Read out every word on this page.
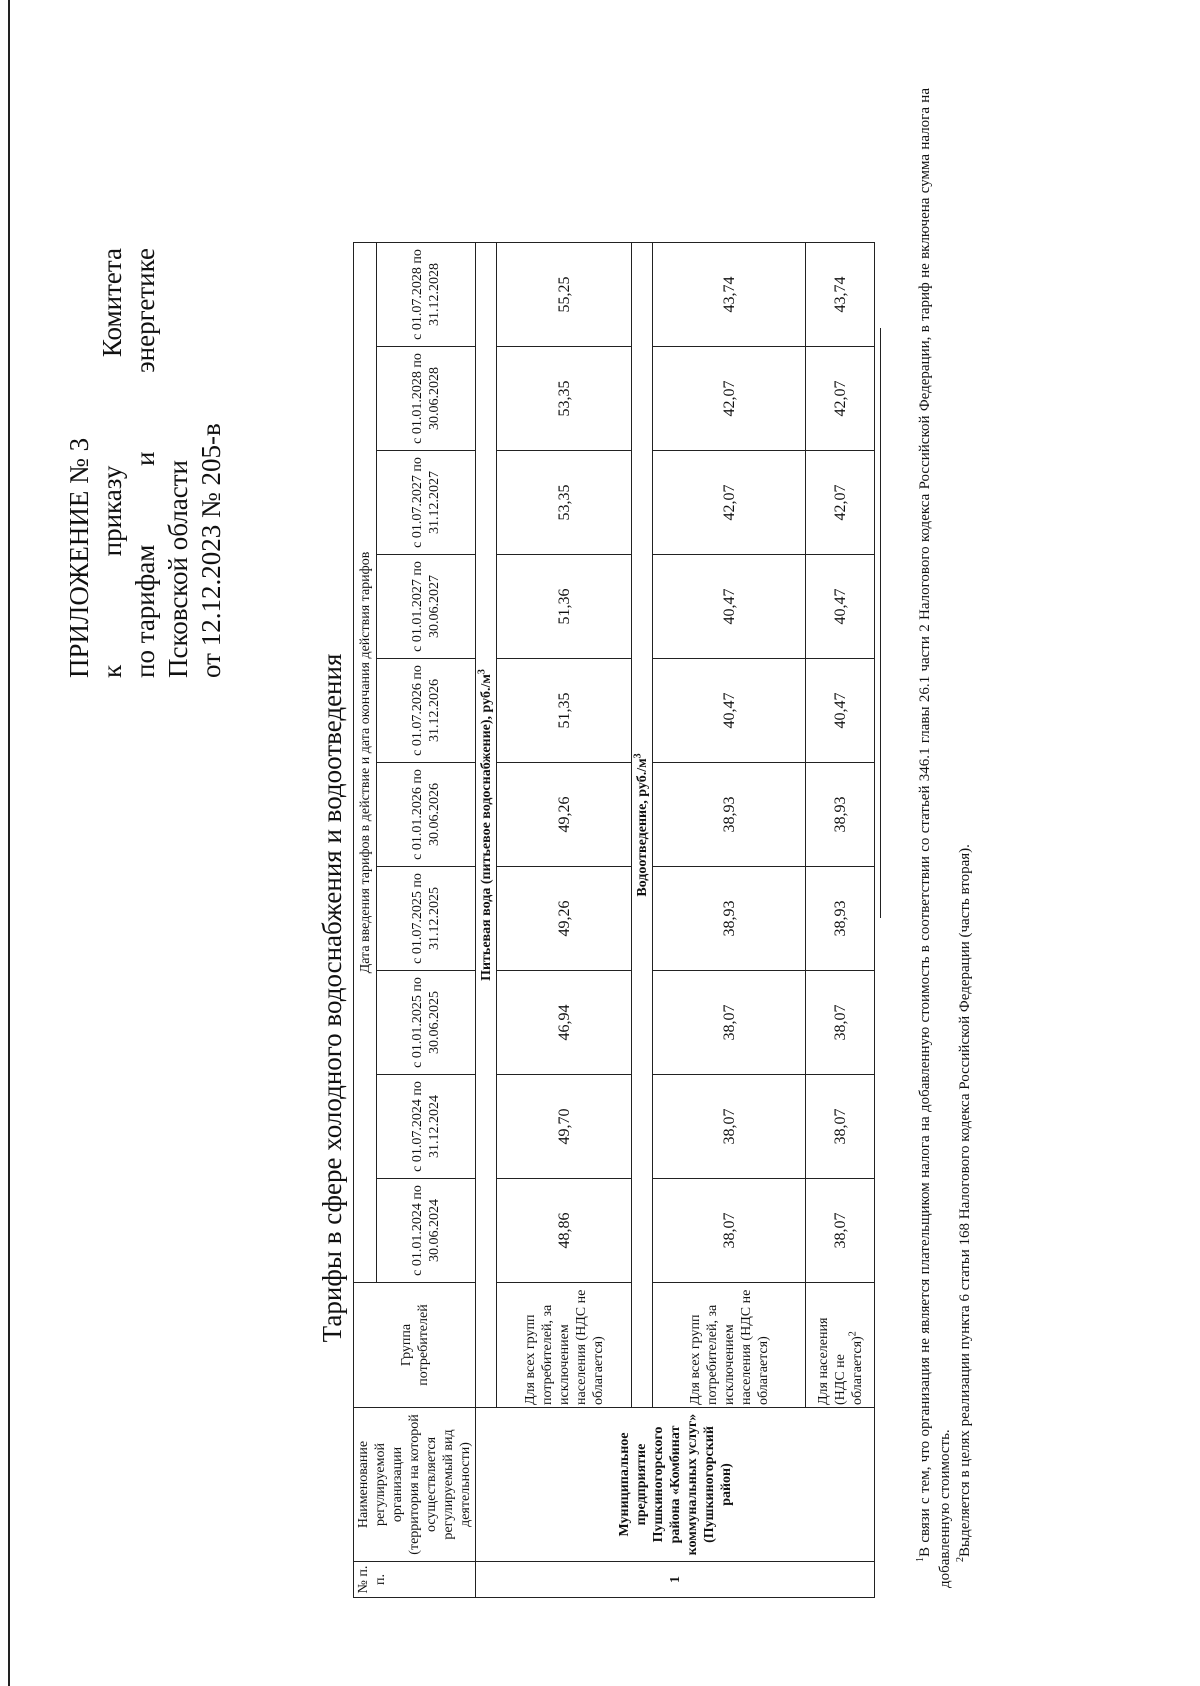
ПРИЛОЖЕНИЕ № 3 к
приказу
Комитета
по тарифам
и
энергетике
Псковской области от 12.12.2023 № 205-в
Тарифы в сфере холодного водоснабжения и водоотведения
№ п. п.	Наименование регулируемой организации (территория на которой осуществляется регулируемый вид деятельности)	Группа потребителей	Дата введения тарифов в действие и дата окончания действия тарифов									
			с 01.01.2024 по 30.06.2024	с 01.07.2024 по 31.12.2024	с 01.01.2025 по 30.06.2025	с 01.07.2025 по 31.12.2025	с 01.01.2026 по 30.06.2026	с 01.07.2026 по 31.12.2026	с 01.01.2027 по 30.06.2027	с 01.07.2027 по 31.12.2027	с 01.01.2028 по 30.06.2028	с 01.07.2028 по 31.12.2028
1	Муниципальное предприятие Пушкиногорского района «Комбинат коммунальных услуг» (Пушкиногорский район)	Питьевая вода (питьевое водоснабжение), $руб./м^3$
		Для всех групп потребителей, за исключением населения (НДС не облагается)	48,86	49,70	46,94	49,26	49,26	51,35	51,36	53,35	53,35	55,25
		Водоотведение, $руб./м^3$
		Для всех групп потребителей, за исключением населения (НДС не облагается)	38,07	38,07	38,07	38,93	38,93	40,47	40,47	42,07	42,07	43,74
		Для населения (НДС не облагается)$^2$	38,07	38,07	38,07	38,93	38,93	40,47	40,47	42,07	42,07	43,74

$^1$В связи с тем, что организация не является плательщиком налога на добавленную стоимость в соответствии со статьей 346.1 главы 26.1 части 2 Налогового кодекса Российской Федерации, в тариф не включена сумма налога на добавленную стоимость. $^2$Выделяется в целях реализации пункта 6 статьи 168 Налогового кодекса Российской Федерации (часть вторая).
